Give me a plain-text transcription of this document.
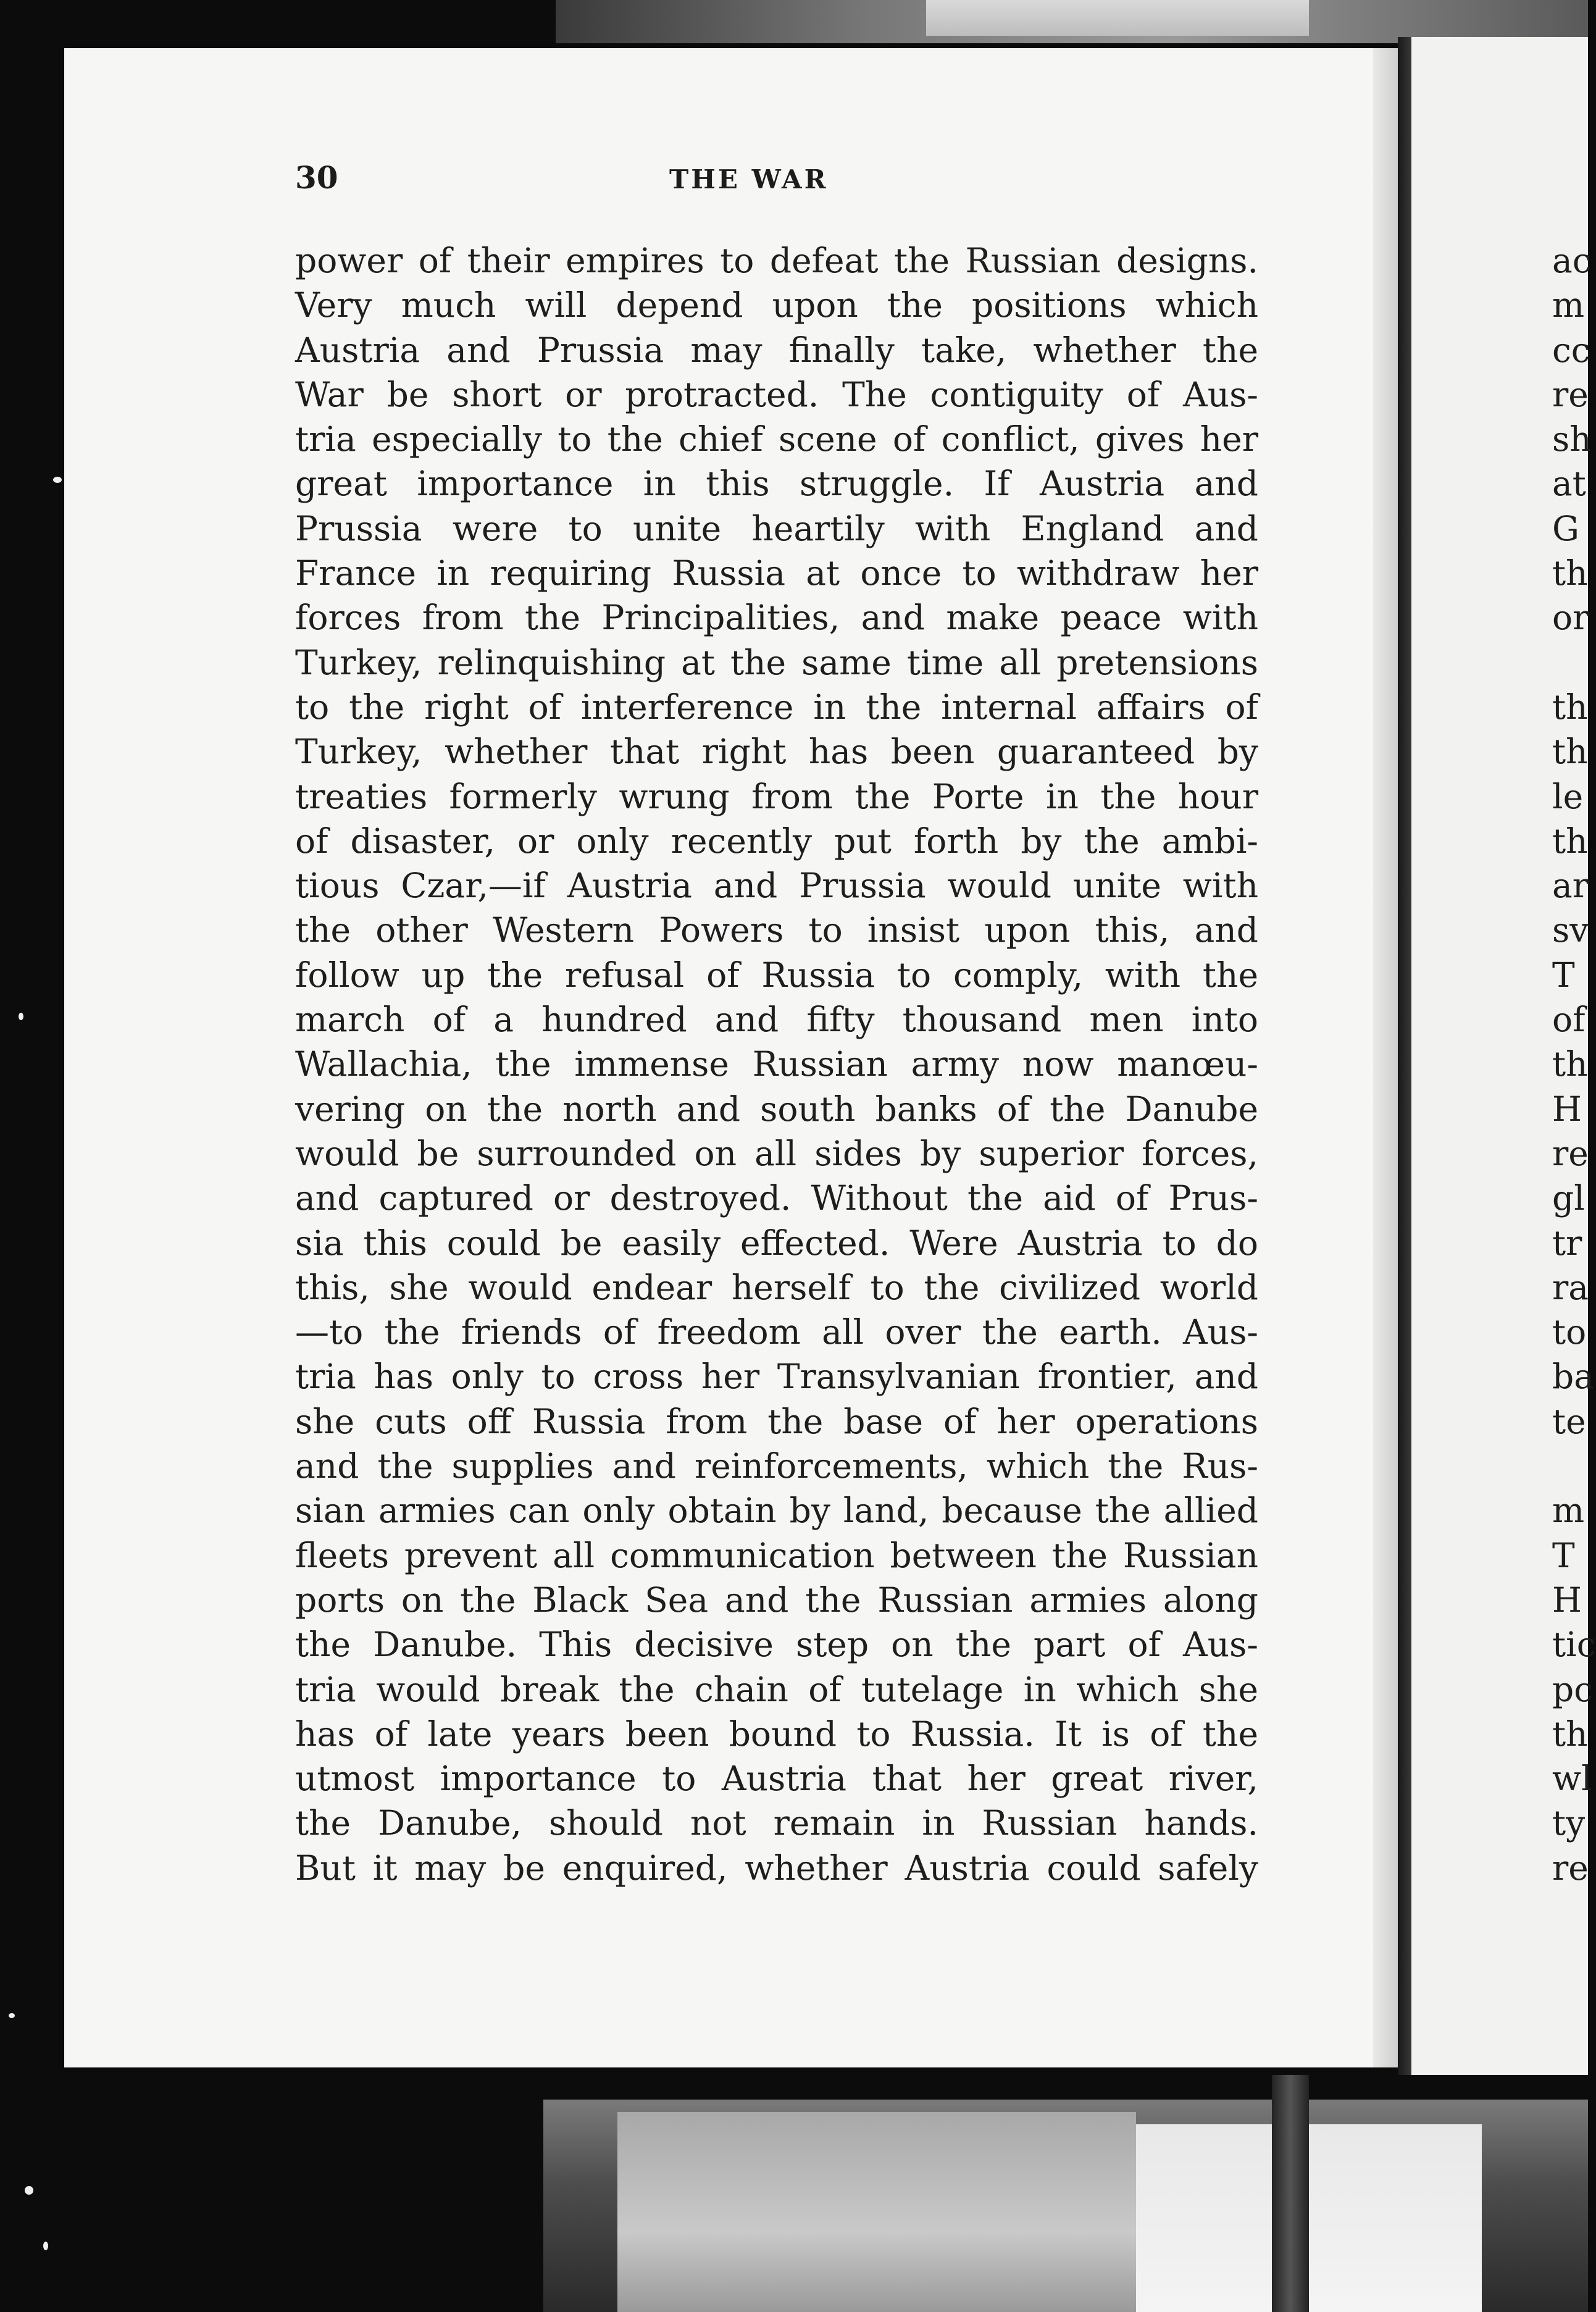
30	THE WAR
power of their empires to defeat the Russian designs.
Very much will depend upon the positions which
Austria and Prussia may finally take, whether the
War be short or protracted. The contiguity of Aus-
tria especially to the chief scene of conflict, gives her
great importance in this struggle. If Austria and
Prussia were to unite heartily with England and
France in requiring Russia at once to withdraw her
forces from the Principalities, and make peace with
Turkey, relinquishing at the same time all pretensions
to the right of interference in the internal affairs of
Turkey, whether that right has been guaranteed by
treaties formerly wrung from the Porte in the hour
of disaster, or only recently put forth by the ambi-
tious Czar,—if Austria and Prussia would unite with
the other Western Powers to insist upon this, and
follow up the refusal of Russia to comply, with the
march of a hundred and fifty thousand men into
Wallachia, the immense Russian army now manœu-
vering on the north and south banks of the Danube
would be surrounded on all sides by superior forces,
and captured or destroyed. Without the aid of Prus-
sia this could be easily effected. Were Austria to do
this, she would endear herself to the civilized world
—to the friends of freedom all over the earth. Aus-
tria has only to cross her Transylvanian frontier, and
she cuts off Russia from the base of her operations
and the supplies and reinforcements, which the Rus-
sian armies can only obtain by land, because the allied
fleets prevent all communication between the Russian
ports on the Black Sea and the Russian armies along
the Danube. This decisive step on the part of Aus-
tria would break the chain of tutelage in which she
has of late years been bound to Russia. It is of the
utmost importance to Austria that her great river,
the Danube, should not remain in Russian hands.
But it may be enquired, whether Austria could safely
ac
m
cc
re
sh
at
G
th
or
th
th
le
th
ar
sv
T
of
th
H
re
gl
tr
ra
to
ba
te
m
T
H
tic
pc
th
wl
ty
re
